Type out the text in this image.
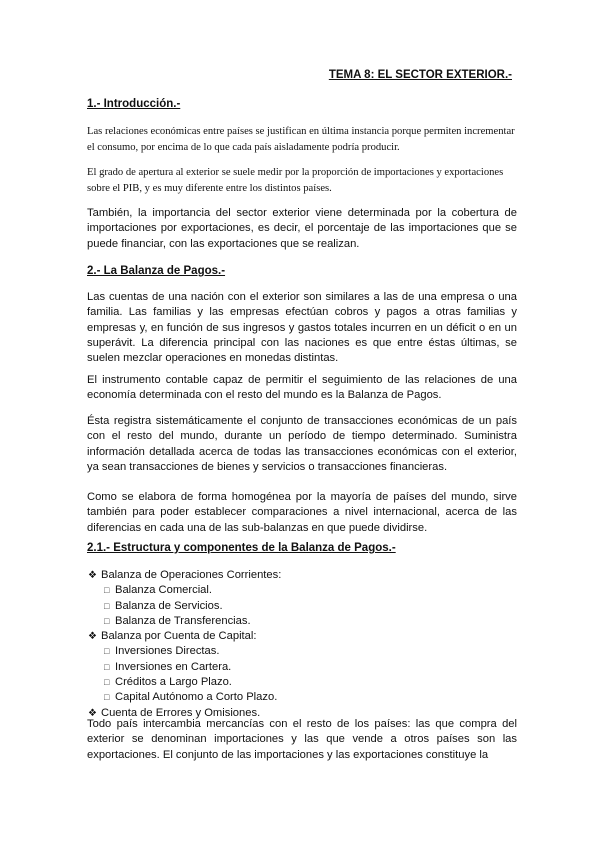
TEMA 8: EL SECTOR EXTERIOR.-
1.- Introducción.-
Las relaciones económicas entre países se justifican en última instancia porque permiten incrementar el consumo, por encima de lo que cada país aisladamente podría producir.
El grado de apertura al exterior se suele medir por la proporción de importaciones y exportaciones sobre el PIB, y es muy diferente entre los distintos países.
También, la importancia del sector exterior viene determinada por la cobertura de importaciones por exportaciones, es decir, el porcentaje de las importaciones que se puede financiar, con las exportaciones que se realizan.
2.- La Balanza de Pagos.-
Las cuentas de una nación con el exterior son similares a las de una empresa o una familia. Las familias y las empresas efectúan cobros y pagos a otras familias y empresas y, en función de sus ingresos y gastos totales incurren en un déficit o en un superávit. La diferencia principal con las naciones es que entre éstas últimas, se suelen mezclar operaciones en monedas distintas.
El instrumento contable capaz de permitir el seguimiento de las relaciones de una economía determinada con el resto del mundo es la Balanza de Pagos.
Ésta registra sistemáticamente el conjunto de transacciones económicas de un país con el resto del mundo, durante un período de tiempo determinado. Suministra información detallada acerca de todas las transacciones económicas con el exterior, ya sean transacciones de bienes y servicios o transacciones financieras.
Como se elabora de forma homogénea por la mayoría de países del mundo, sirve también para poder establecer comparaciones a nivel internacional, acerca de las diferencias en cada una de las sub-balanzas en que puede dividirse.
2.1.- Estructura y componentes de la Balanza de Pagos.-
❖ Balanza de Operaciones Corrientes:
□ Balanza Comercial.
□ Balanza de Servicios.
□ Balanza de Transferencias.
❖ Balanza por Cuenta de Capital:
□ Inversiones Directas.
□ Inversiones en Cartera.
□ Créditos a Largo Plazo.
□ Capital Autónomo a Corto Plazo.
❖ Cuenta de Errores y Omisiones.
Todo país intercambia mercancías con el resto de los países: las que compra del exterior se denominan importaciones y las que vende a otros países son las exportaciones. El conjunto de las importaciones y las exportaciones constituye la
